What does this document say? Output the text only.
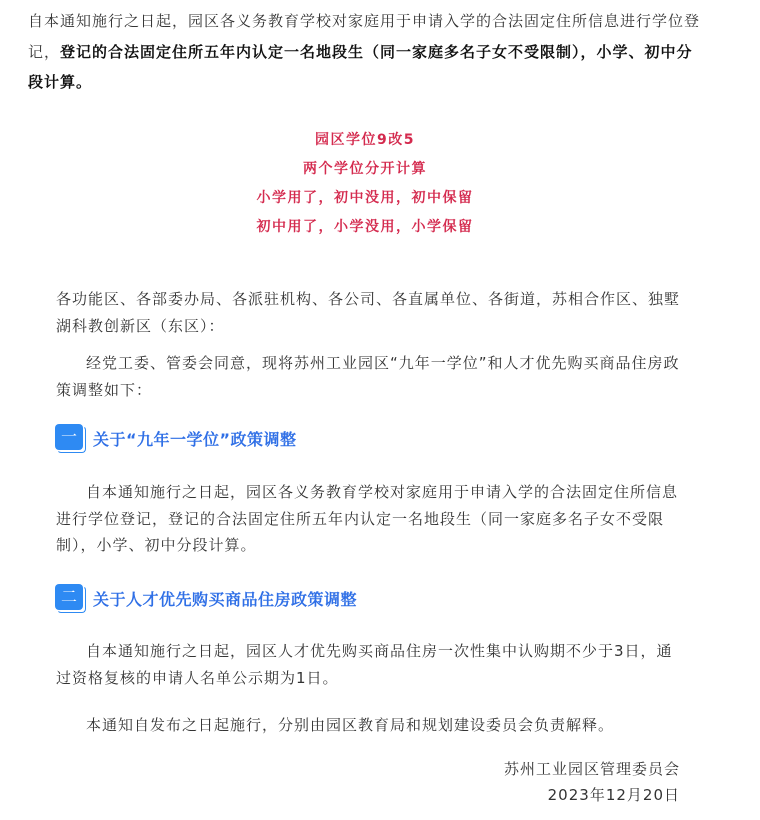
自本通知施行之日起，园区各义务教育学校对家庭用于申请入学的合法固定住所信息进行学位登记，登记的合法固定住所五年内认定一名地段生（同一家庭多名子女不受限制），小学、初中分段计算。
园区学位9改5
两个学位分开计算
小学用了，初中没用，初中保留
初中用了，小学没用，小学保留
各功能区、各部委办局、各派驻机构、各公司、各直属单位、各街道，苏相合作区、独墅湖科教创新区（东区）：
经党工委、管委会同意，现将苏州工业园区“九年一学位”和人才优先购买商品住房政策调整如下：
一	关于“九年一学位”政策调整
自本通知施行之日起，园区各义务教育学校对家庭用于申请入学的合法固定住所信息进行学位登记，登记的合法固定住所五年内认定一名地段生（同一家庭多名子女不受限制），小学、初中分段计算。
二	关于人才优先购买商品住房政策调整
自本通知施行之日起，园区人才优先购买商品住房一次性集中认购期不少于3日，通过资格复核的申请人名单公示期为1日。
本通知自发布之日起施行，分别由园区教育局和规划建设委员会负责解释。
苏州工业园区管理委员会
2023年12月20日
